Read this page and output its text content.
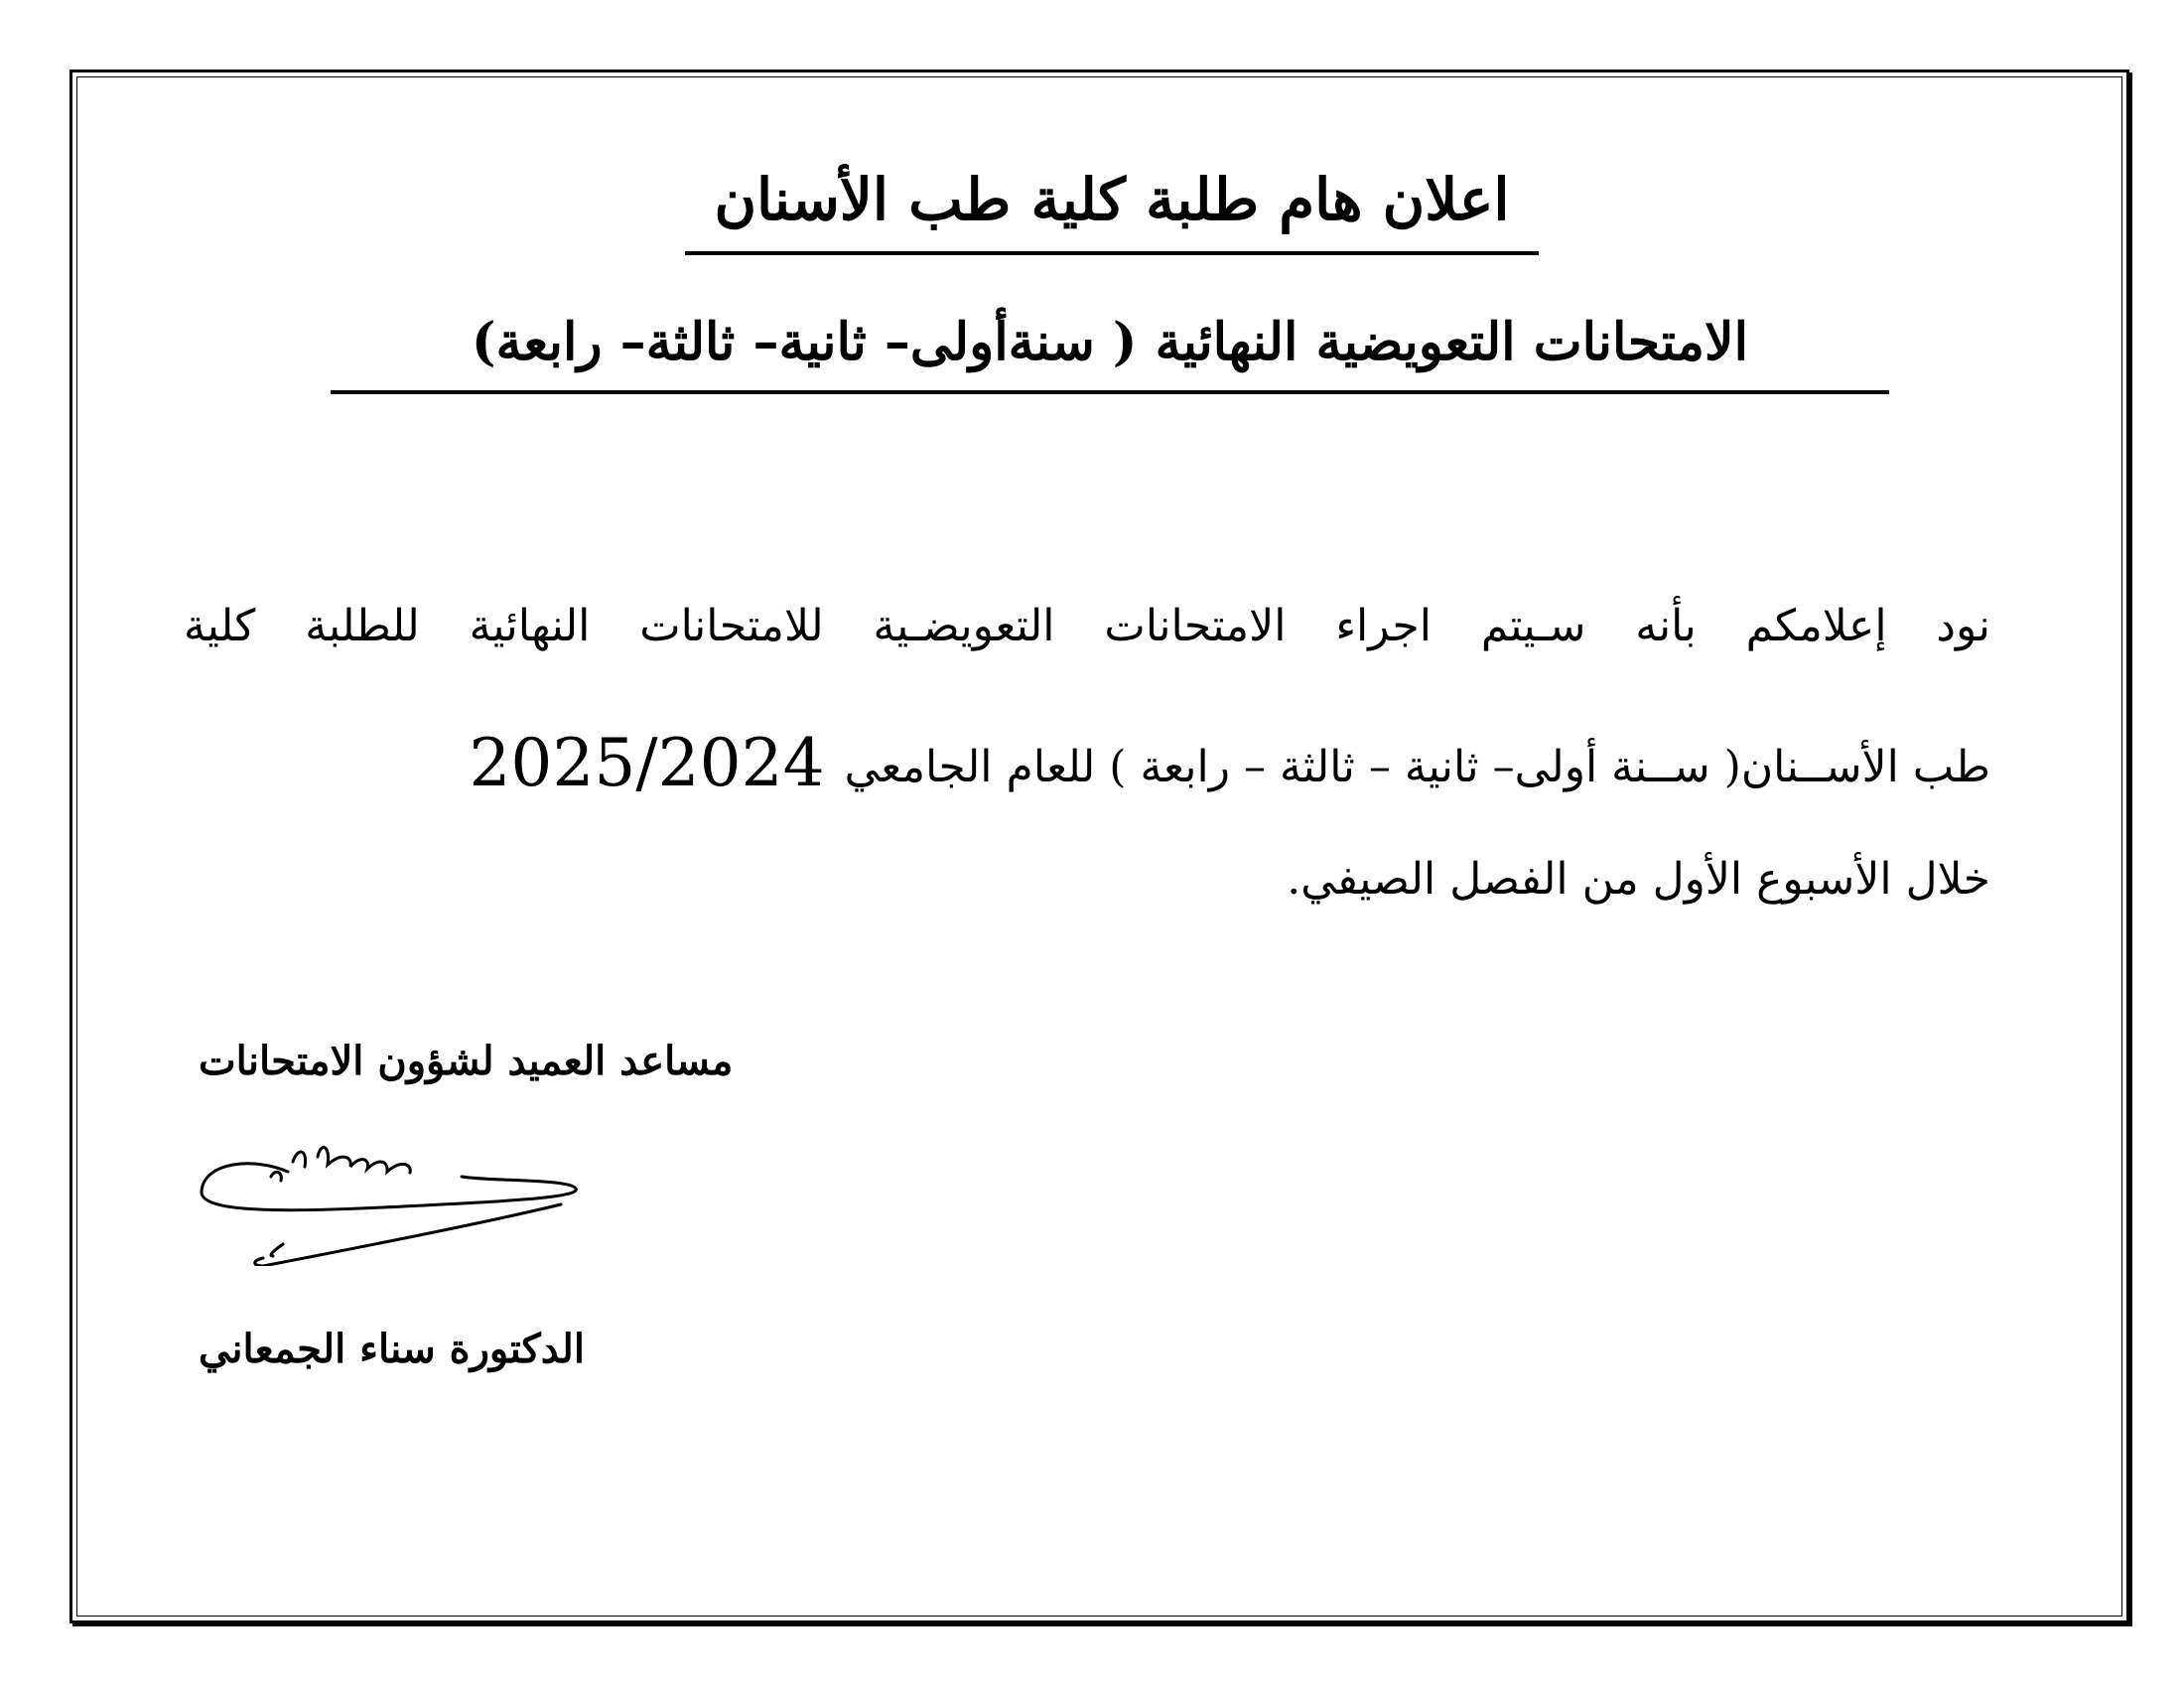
اعلان هام طلبة كلية طب الأسنان
الامتحانات التعويضية النهائية ( سنةأولى– ثانية– ثالثة– رابعة)
نود إعلامكم بأنه سـيتم اجراء الامتحانات التعويضـية للامتحانات النهائية للطلبة كلية
طب الأســنان( ســنة أولى– ثانية – ثالثة – رابعة ) للعام الجامعي2025/2024
خلال الأسبوع الأول من الفصل الصيفي.
مساعد العميد لشؤون الامتحانات
الدكتورة سناء الجمعاني
